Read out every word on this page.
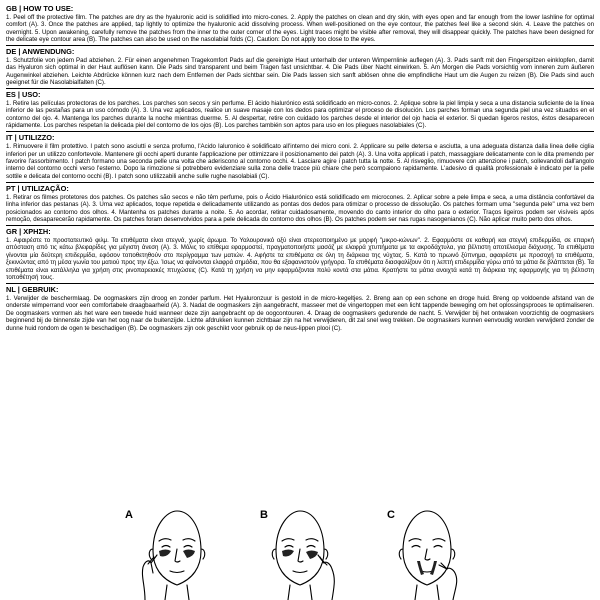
GB | HOW TO USE:
1. Peel off the protective film. The patches are dry as the hyaluronic acid is solidified into micro-cones. 2. Apply the patches on clean and dry skin, with eyes open and far enough from the lower lashline for optimal comfort (A). 3. Once the patches are applied, tap lightly to optimize the hyaluronic acid dissolving process. When well-positioned on the eye contour, the patches feel like a second skin. 4. Leave the patches on overnight. 5. Upon awakening, carefully remove the patches from the inner to the outer corner of the eyes. Light traces might be visible after removal, they will disappear quickly. The patches have been designed for the delicate eye contour area (B). The patches can also be used on the nasolabial folds (C). Caution: Do not apply too close to the eyes.
DE | ANWENDUNG:
1. Schutzfolie von jedem Pad abziehen. 2. Für einen angenehmen Tragekomfort Pads auf die gereinigte Haut unterhalb der unteren Wimpernlinie auflegen (A). 3. Pads sanft mit den Fingerspitzen einklopfen, damit das Hyaluron sich optimal in der Haut auflösen kann. Die Pads sind transparent und beim Tragen fast unsichtbar. 4. Die Pads über Nacht einwirken. 5. Am Morgen die Pads vorsichtig vom inneren zum äußeren Augenwinkel abziehen. Leichte Abdrücke können kurz nach dem Entfernen der Pads sichtbar sein. Die Pads lassen sich sanft ablösen ohne die empfindliche Haut um die Augen zu reizen (B). Die Pads sind auch geeignet für die Nasolabialfalten (C).
ES | USO:
1. Retire las películas protectoras de los parches. Los parches son secos y sin perfume. El ácido hialurónico está solidificado en micro-conos. 2. Aplique sobre la piel limpia y seca a una distancia suficiente de la línea inferior de las pestañas para un uso cómodo (A). 3. Una vez aplicados, realice un suave masaje con los dedos para optimizar el proceso de disolución. Los parches forman una segunda piel una vez situados en el contorno del ojo. 4. Mantenga los parches durante la noche mientras duerme. 5. Al despertar, retire con cuidado los parches desde el interior del ojo hacia el exterior. Si quedan ligeros restos, éstos desaparecen rápidamente. Los parches respetan la delicada piel del contorno de los ojos (B). Los parches también son aptos para uso en los pliegues nasolabiales (C).
IT | UTILIZZO:
1. Rimuovere il film protettivo. I patch sono asciutti e senza profumo, l'Acido Ialuronico è solidificato all'interno dei micro coni. 2. Applicare su pelle detersa e asciutta, a una adeguata distanza dalla linea delle ciglia inferiori per un utilizzo confortevole. Mantenere gli occhi aperti durante l'applicazione per ottimizzare il posizionamento dei patch (A). 3. Una volta applicati i patch, massaggiare delicatamente con le dita premendo per favorire l'assorbimento. I patch formano una seconda pelle una volta che aderiscono al contorno occhi. 4. Lasciare agire i patch tutta la notte. 5. Al risveglio, rimuovere con attenzione i patch, sollevandoli dall'angolo interno del contorno occhi verso l'esterno. Dopo la rimozione si potrebbero evidenziare sulla zona delle tracce più chiare che però scompaiono rapidamente. L'adesivo di qualità professionale è indicato per la pelle sottile e delicata del contorno occhi (B). I patch sono utilizzabili anche sulle rughe nasolabiali (C).
PT | UTILIZAÇÃO:
1. Retirar os filmes protetores dos patches. Os patches são secos e não têm perfume, pois o Ácido Hialurónico está solidificado em microcones. 2. Aplicar sobre a pele limpa e seca, a uma distância confortável da linha inferior das pestanas (A). 3. Uma vez aplicados, toque repetida e delicadamente utilizando as pontas dos dedos para otimizar o processo de dissolução. Os patches formam uma "segunda pele" uma vez bem posicionados ao contorno dos olhos. 4. Mantenha os patches durante a noite. 5. Ao acordar, retirar cuidadosamente, movendo do canto interior do olho para o exterior. Traços ligeiros podem ser visíveis após remoção, desaparecerão rapidamente. Os patches foram desenvolvidos para a pele delicada do contorno dos olhos (B). Os patches podem ser nas rugas nasogenianos (C). Não aplicar muito perto dos olhos.
GR | ΧΡΗΣΗ:
1. Αφαιρέστε το προστατευτικό φιλμ. Τα επιθέματα είναι στεγνά, χωρίς άρωμα. Το Υαλουρονικό οξύ είναι στερεοποιημένο με μορφή "μικρο-κώνων". 2. Εφαρμόστε σε καθαρή και στεγνή επιδερμίδα, σε επαρκή απόσταση από τις κάτω βλεφαρίδες για μέγιστη άνεση (A). 3. Μόλις το επίθεμα εφαρμοστεί, πραγματοποιήστε μασάζ με ελαφρά χτυπήματα με τα ακροδάχτυλα, για βέλτιστη αποτέλεσμα διάχυσης. Τα επιθέματα γίνονται μία δεύτερη επιδερμίδα, εφόσον τοποθετηθούν στο περίγραμμα των ματιών. 4. Αφήστε τα επιθέματα σε όλη τη διάρκεια της νύχτας. 5. Κατά το πρωινό ξύπνημα, αφαιρέστε με προσοχή τα επιθέματα, ξεκινώντας από τη μέσα γωνία του ματιού προς την έξω. Ίσως να φαίνονται ελαφρά σημάδια, που θα εξαφανιστούν γρήγορα. Τα επιθέματα διασφαλίζουν ότι η λεπτή επιδερμίδα γύρω από τα μάτια δε βλάπτεται (B). Τα επιθέματα είναι κατάλληλα για χρήση στις ρινοπαρειακές πτυχώσεις (C). Κατά τη χρήση να μην εφαρμόζονται πολύ κοντά στα μάτια. Κρατήστε τα μάτια ανοιχτά κατά τη διάρκεια της εφαρμογής για τη βέλτιστη τοποθέτησή τους.
NL | GEBRUIK:
1. Verwijder de beschermlaag. De oogmaskers zijn droog en zonder parfum. Het Hyaluronzuur is gestold in de micro-kegeltjes. 2. Breng aan op een schone en droge huid. Breng op voldoende afstand van de onderste wimperrand voor een comfortabele draagbaarheid (A). 3. Nadat de oogmaskers zijn aangebracht, masseer met de vingertoppen met een licht tappende beweging om het oplossingsproces te optimaliseren. De oogmaskers vormen als het ware een tweede huid wanneer deze zijn aangebracht op de oogcontouren. 4. Draag de oogmaskers gedurende de nacht. 5. Verwijder bij het ontwaken voorzichtig de oogmaskers beginnend bij de binnenste zijde van het oog naar de buitenzijde. Lichte afdrukken kunnen zichtbaar zijn na het verwijderen, dit zal snel weg trekken. De oogmaskers kunnen eenvoudig worden verwijderd zonder de dunne huid rondom de ogen te beschadigen (B). De oogmaskers zijn ook geschikt voor gebruik op de neus-lippen plooi (C).
A	B	C
